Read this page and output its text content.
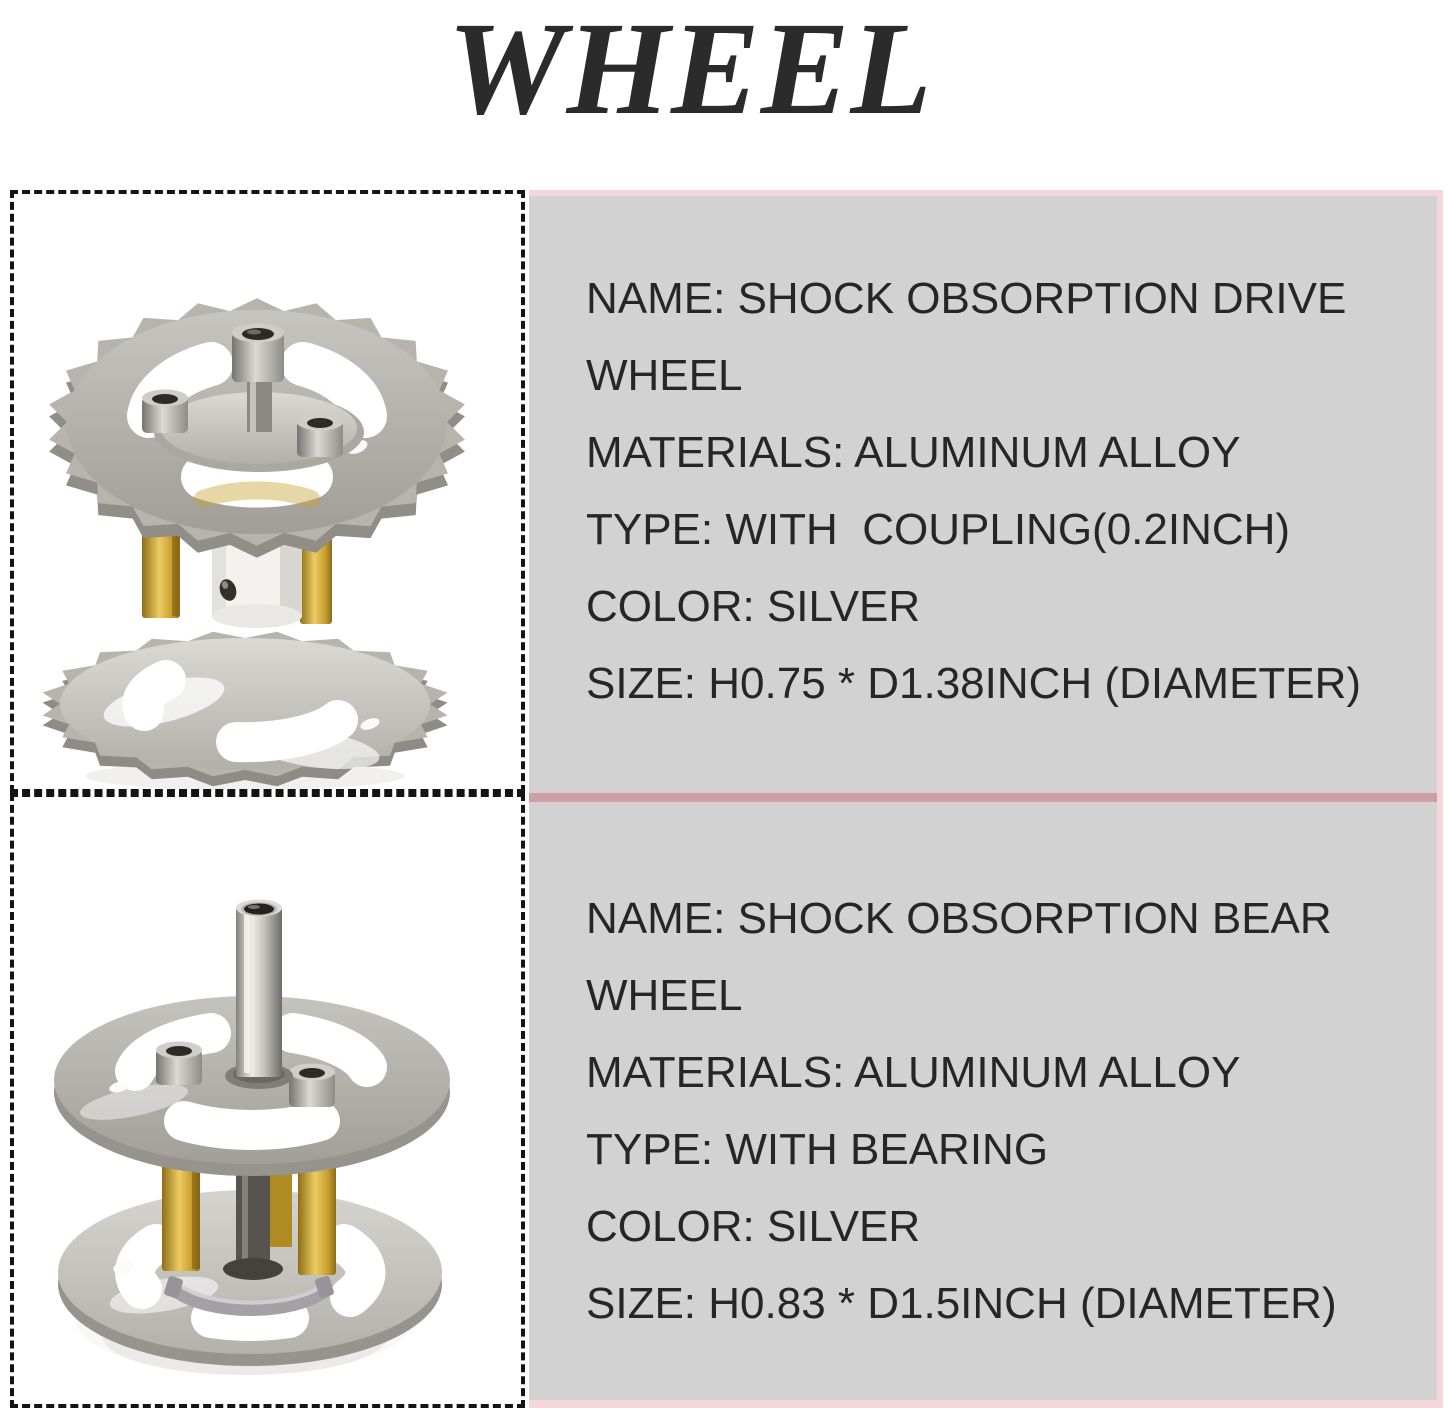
WHEEL
NAME: SHOCK OBSORPTION DRIVE WHEEL
MATERIALS: ALUMINUM ALLOY
TYPE: WITH  COUPLING(0.2INCH)
COLOR: SILVER
SIZE: H0.75 * D1.38INCH (DIAMETER)
NAME: SHOCK OBSORPTION BEAR WHEEL
MATERIALS: ALUMINUM ALLOY
TYPE: WITH BEARING
COLOR: SILVER
SIZE: H0.83 * D1.5INCH (DIAMETER)
